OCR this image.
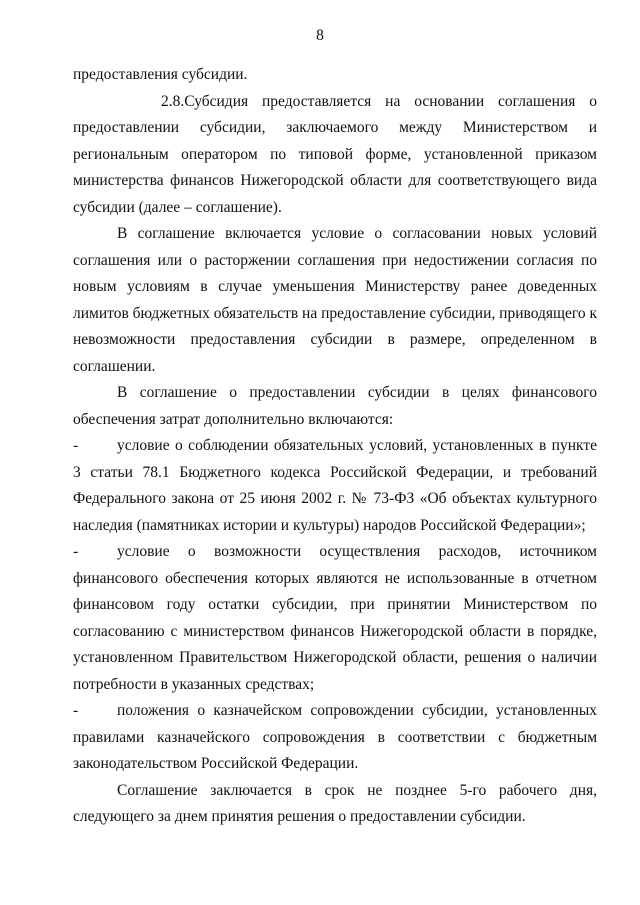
8

предоставления субсидии.

2.8.Субсидия предоставляется на основании соглашения о предоставлении субсидии, заключаемого между Министерством и региональным оператором по типовой форме, установленной приказом министерства финансов Нижегородской области для соответствующего вида субсидии (далее – соглашение).

В соглашение включается условие о согласовании новых условий соглашения или о расторжении соглашения при недостижении согласия по новым условиям в случае уменьшения Министерству ранее доведенных лимитов бюджетных обязательств на предоставление субсидии, приводящего к невозможности предоставления субсидии в размере, определенном в соглашении.

В соглашение о предоставлении субсидии в целях финансового обеспечения затрат дополнительно включаются:

-	условие о соблюдении обязательных условий, установленных в пункте 3 статьи 78.1 Бюджетного кодекса Российской Федерации, и требований Федерального закона от 25 июня 2002 г. № 73-ФЗ «Об объектах культурного наследия (памятниках истории и культуры) народов Российской Федерации»;

-	условие о возможности осуществления расходов, источником финансового обеспечения которых являются не использованные в отчетном финансовом году остатки субсидии, при принятии Министерством по согласованию с министерством финансов Нижегородской области в порядке, установленном Правительством Нижегородской области, решения о наличии потребности в указанных средствах;

-	положения о казначейском сопровождении субсидии, установленных правилами казначейского сопровождения в соответствии с бюджетным законодательством Российской Федерации.

Соглашение заключается в срок не позднее 5-го рабочего дня, следующего за днем принятия решения о предоставлении субсидии.
